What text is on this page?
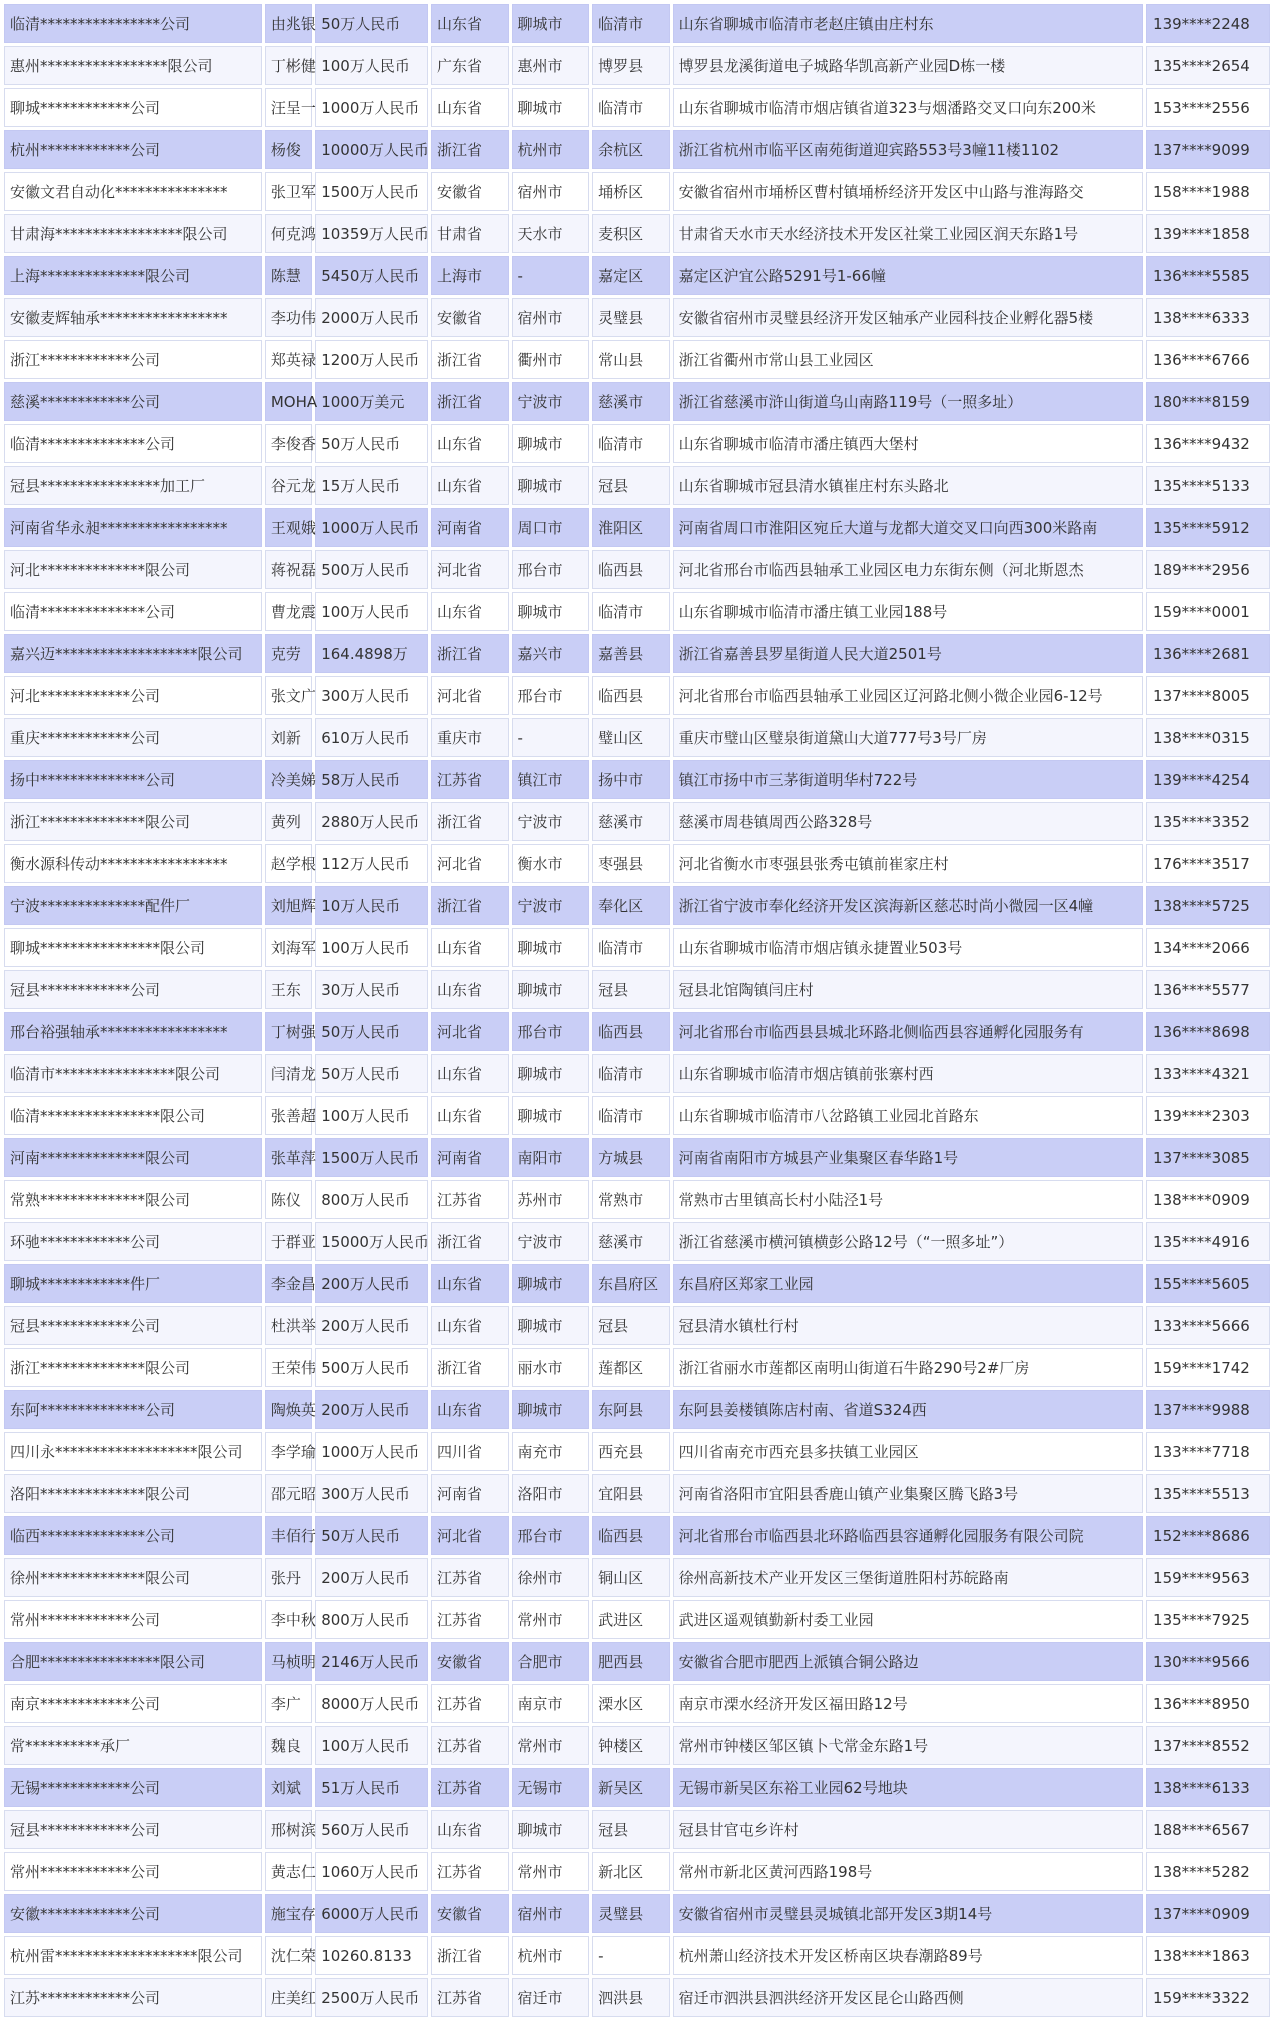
临清****************公司	由兆银	50万人民币	山东省	聊城市	临清市	山东省聊城市临清市老赵庄镇由庄村东	139****2248
惠州*****************限公司	丁彬健	100万人民币	广东省	惠州市	博罗县	博罗县龙溪街道电子城路华凯高新产业园D栋一楼	135****2654
聊城************公司	汪呈一	1000万人民币	山东省	聊城市	临清市	山东省聊城市临清市烟店镇省道323与烟潘路交叉口向东200米	153****2556
杭州************公司	杨俊	10000万人民币	浙江省	杭州市	余杭区	浙江省杭州市临平区南苑街道迎宾路553号3幢11楼1102	137****9099
安徽文君自动化***************	张卫军	1500万人民币	安徽省	宿州市	埇桥区	安徽省宿州市埇桥区曹村镇埇桥经济开发区中山路与淮海路交	158****1988
甘肃海*****************限公司	何克鸿	10359万人民币	甘肃省	天水市	麦积区	甘肃省天水市天水经济技术开发区社棠工业园区润天东路1号	139****1858
上海**************限公司	陈慧	5450万人民币	上海市	-	嘉定区	嘉定区沪宜公路5291号1-66幢	136****5585
安徽麦辉轴承*****************	李功伟	2000万人民币	安徽省	宿州市	灵璧县	安徽省宿州市灵璧县经济开发区轴承产业园科技企业孵化器5楼	138****6333
浙江************公司	郑英禄	1200万人民币	浙江省	衢州市	常山县	浙江省衢州市常山县工业园区	136****6766
慈溪************公司	MOHA	1000万美元	浙江省	宁波市	慈溪市	浙江省慈溪市浒山街道乌山南路119号（一照多址）	180****8159
临清**************公司	李俊香	50万人民币	山东省	聊城市	临清市	山东省聊城市临清市潘庄镇西大堡村	136****9432
冠县****************加工厂	谷元龙	15万人民币	山东省	聊城市	冠县	山东省聊城市冠县清水镇崔庄村东头路北	135****5133
河南省华永昶*****************	王观娥	1000万人民币	河南省	周口市	淮阳区	河南省周口市淮阳区宛丘大道与龙都大道交叉口向西300米路南	135****5912
河北**************限公司	蒋祝磊	500万人民币	河北省	邢台市	临西县	河北省邢台市临西县轴承工业园区电力东街东侧（河北斯恩杰	189****2956
临清**************公司	曹龙震	100万人民币	山东省	聊城市	临清市	山东省聊城市临清市潘庄镇工业园188号	159****0001
嘉兴迈*******************限公司	克劳	164.4898万	浙江省	嘉兴市	嘉善县	浙江省嘉善县罗星街道人民大道2501号	136****2681
河北************公司	张文广	300万人民币	河北省	邢台市	临西县	河北省邢台市临西县轴承工业园区辽河路北侧小微企业园6-12号	137****8005
重庆************公司	刘新	610万人民币	重庆市	-	璧山区	重庆市璧山区璧泉街道黛山大道777号3号厂房	138****0315
扬中**************公司	冷美娣	58万人民币	江苏省	镇江市	扬中市	镇江市扬中市三茅街道明华村722号	139****4254
浙江**************限公司	黄列	2880万人民币	浙江省	宁波市	慈溪市	慈溪市周巷镇周西公路328号	135****3352
衡水源科传动*****************	赵学根	112万人民币	河北省	衡水市	枣强县	河北省衡水市枣强县张秀屯镇前崔家庄村	176****3517
宁波**************配件厂	刘旭辉	10万人民币	浙江省	宁波市	奉化区	浙江省宁波市奉化经济开发区滨海新区慈芯时尚小微园一区4幢	138****5725
聊城****************限公司	刘海军	100万人民币	山东省	聊城市	临清市	山东省聊城市临清市烟店镇永捷置业503号	134****2066
冠县************公司	王东	30万人民币	山东省	聊城市	冠县	冠县北馆陶镇闫庄村	136****5577
邢台裕强轴承*****************	丁树强	50万人民币	河北省	邢台市	临西县	河北省邢台市临西县县城北环路北侧临西县容通孵化园服务有	136****8698
临清市****************限公司	闫清龙	50万人民币	山东省	聊城市	临清市	山东省聊城市临清市烟店镇前张寨村西	133****4321
临清****************限公司	张善超	100万人民币	山东省	聊城市	临清市	山东省聊城市临清市八岔路镇工业园北首路东	139****2303
河南**************限公司	张革萍	1500万人民币	河南省	南阳市	方城县	河南省南阳市方城县产业集聚区春华路1号	137****3085
常熟**************限公司	陈仪	800万人民币	江苏省	苏州市	常熟市	常熟市古里镇高长村小陆泾1号	138****0909
环驰************公司	于群亚	15000万人民币	浙江省	宁波市	慈溪市	浙江省慈溪市横河镇横彭公路12号（“一照多址”）	135****4916
聊城************件厂	李金昌	200万人民币	山东省	聊城市	东昌府区	东昌府区郑家工业园	155****5605
冠县************公司	杜洪举	200万人民币	山东省	聊城市	冠县	冠县清水镇杜行村	133****5666
浙江**************限公司	王荣伟	500万人民币	浙江省	丽水市	莲都区	浙江省丽水市莲都区南明山街道石牛路290号2#厂房	159****1742
东阿**************公司	陶焕英	200万人民币	山东省	聊城市	东阿县	东阿县姜楼镇陈店村南、省道S324西	137****9988
四川永*******************限公司	李学瑜	1000万人民币	四川省	南充市	西充县	四川省南充市西充县多扶镇工业园区	133****7718
洛阳**************限公司	邵元昭	300万人民币	河南省	洛阳市	宜阳县	河南省洛阳市宜阳县香鹿山镇产业集聚区腾飞路3号	135****5513
临西**************公司	丰佰行	50万人民币	河北省	邢台市	临西县	河北省邢台市临西县北环路临西县容通孵化园服务有限公司院	152****8686
徐州**************限公司	张丹	200万人民币	江苏省	徐州市	铜山区	徐州高新技术产业开发区三堡街道胜阳村苏皖路南	159****9563
常州************公司	李中秋	800万人民币	江苏省	常州市	武进区	武进区遥观镇勤新村委工业园	135****7925
合肥****************限公司	马桢明	2146万人民币	安徽省	合肥市	肥西县	安徽省合肥市肥西上派镇合铜公路边	130****9566
南京************公司	李广	8000万人民币	江苏省	南京市	溧水区	南京市溧水经济开发区福田路12号	136****8950
常**********承厂	魏良	100万人民币	江苏省	常州市	钟楼区	常州市钟楼区邹区镇卜弋常金东路1号	137****8552
无锡************公司	刘斌	51万人民币	江苏省	无锡市	新吴区	无锡市新吴区东裕工业园62号地块	138****6133
冠县************公司	邢树滨	560万人民币	山东省	聊城市	冠县	冠县甘官屯乡许村	188****6567
常州************公司	黄志仁	1060万人民币	江苏省	常州市	新北区	常州市新北区黄河西路198号	138****5282
安徽************公司	施宝存	6000万人民币	安徽省	宿州市	灵璧县	安徽省宿州市灵璧县灵城镇北部开发区3期14号	137****0909
杭州雷*******************限公司	沈仁荣	10260.8133	浙江省	杭州市	-	杭州萧山经济技术开发区桥南区块春潮路89号	138****1863
江苏************公司	庄美红	2500万人民币	江苏省	宿迁市	泗洪县	宿迁市泗洪县泗洪经济开发区昆仑山路西侧	159****3322
